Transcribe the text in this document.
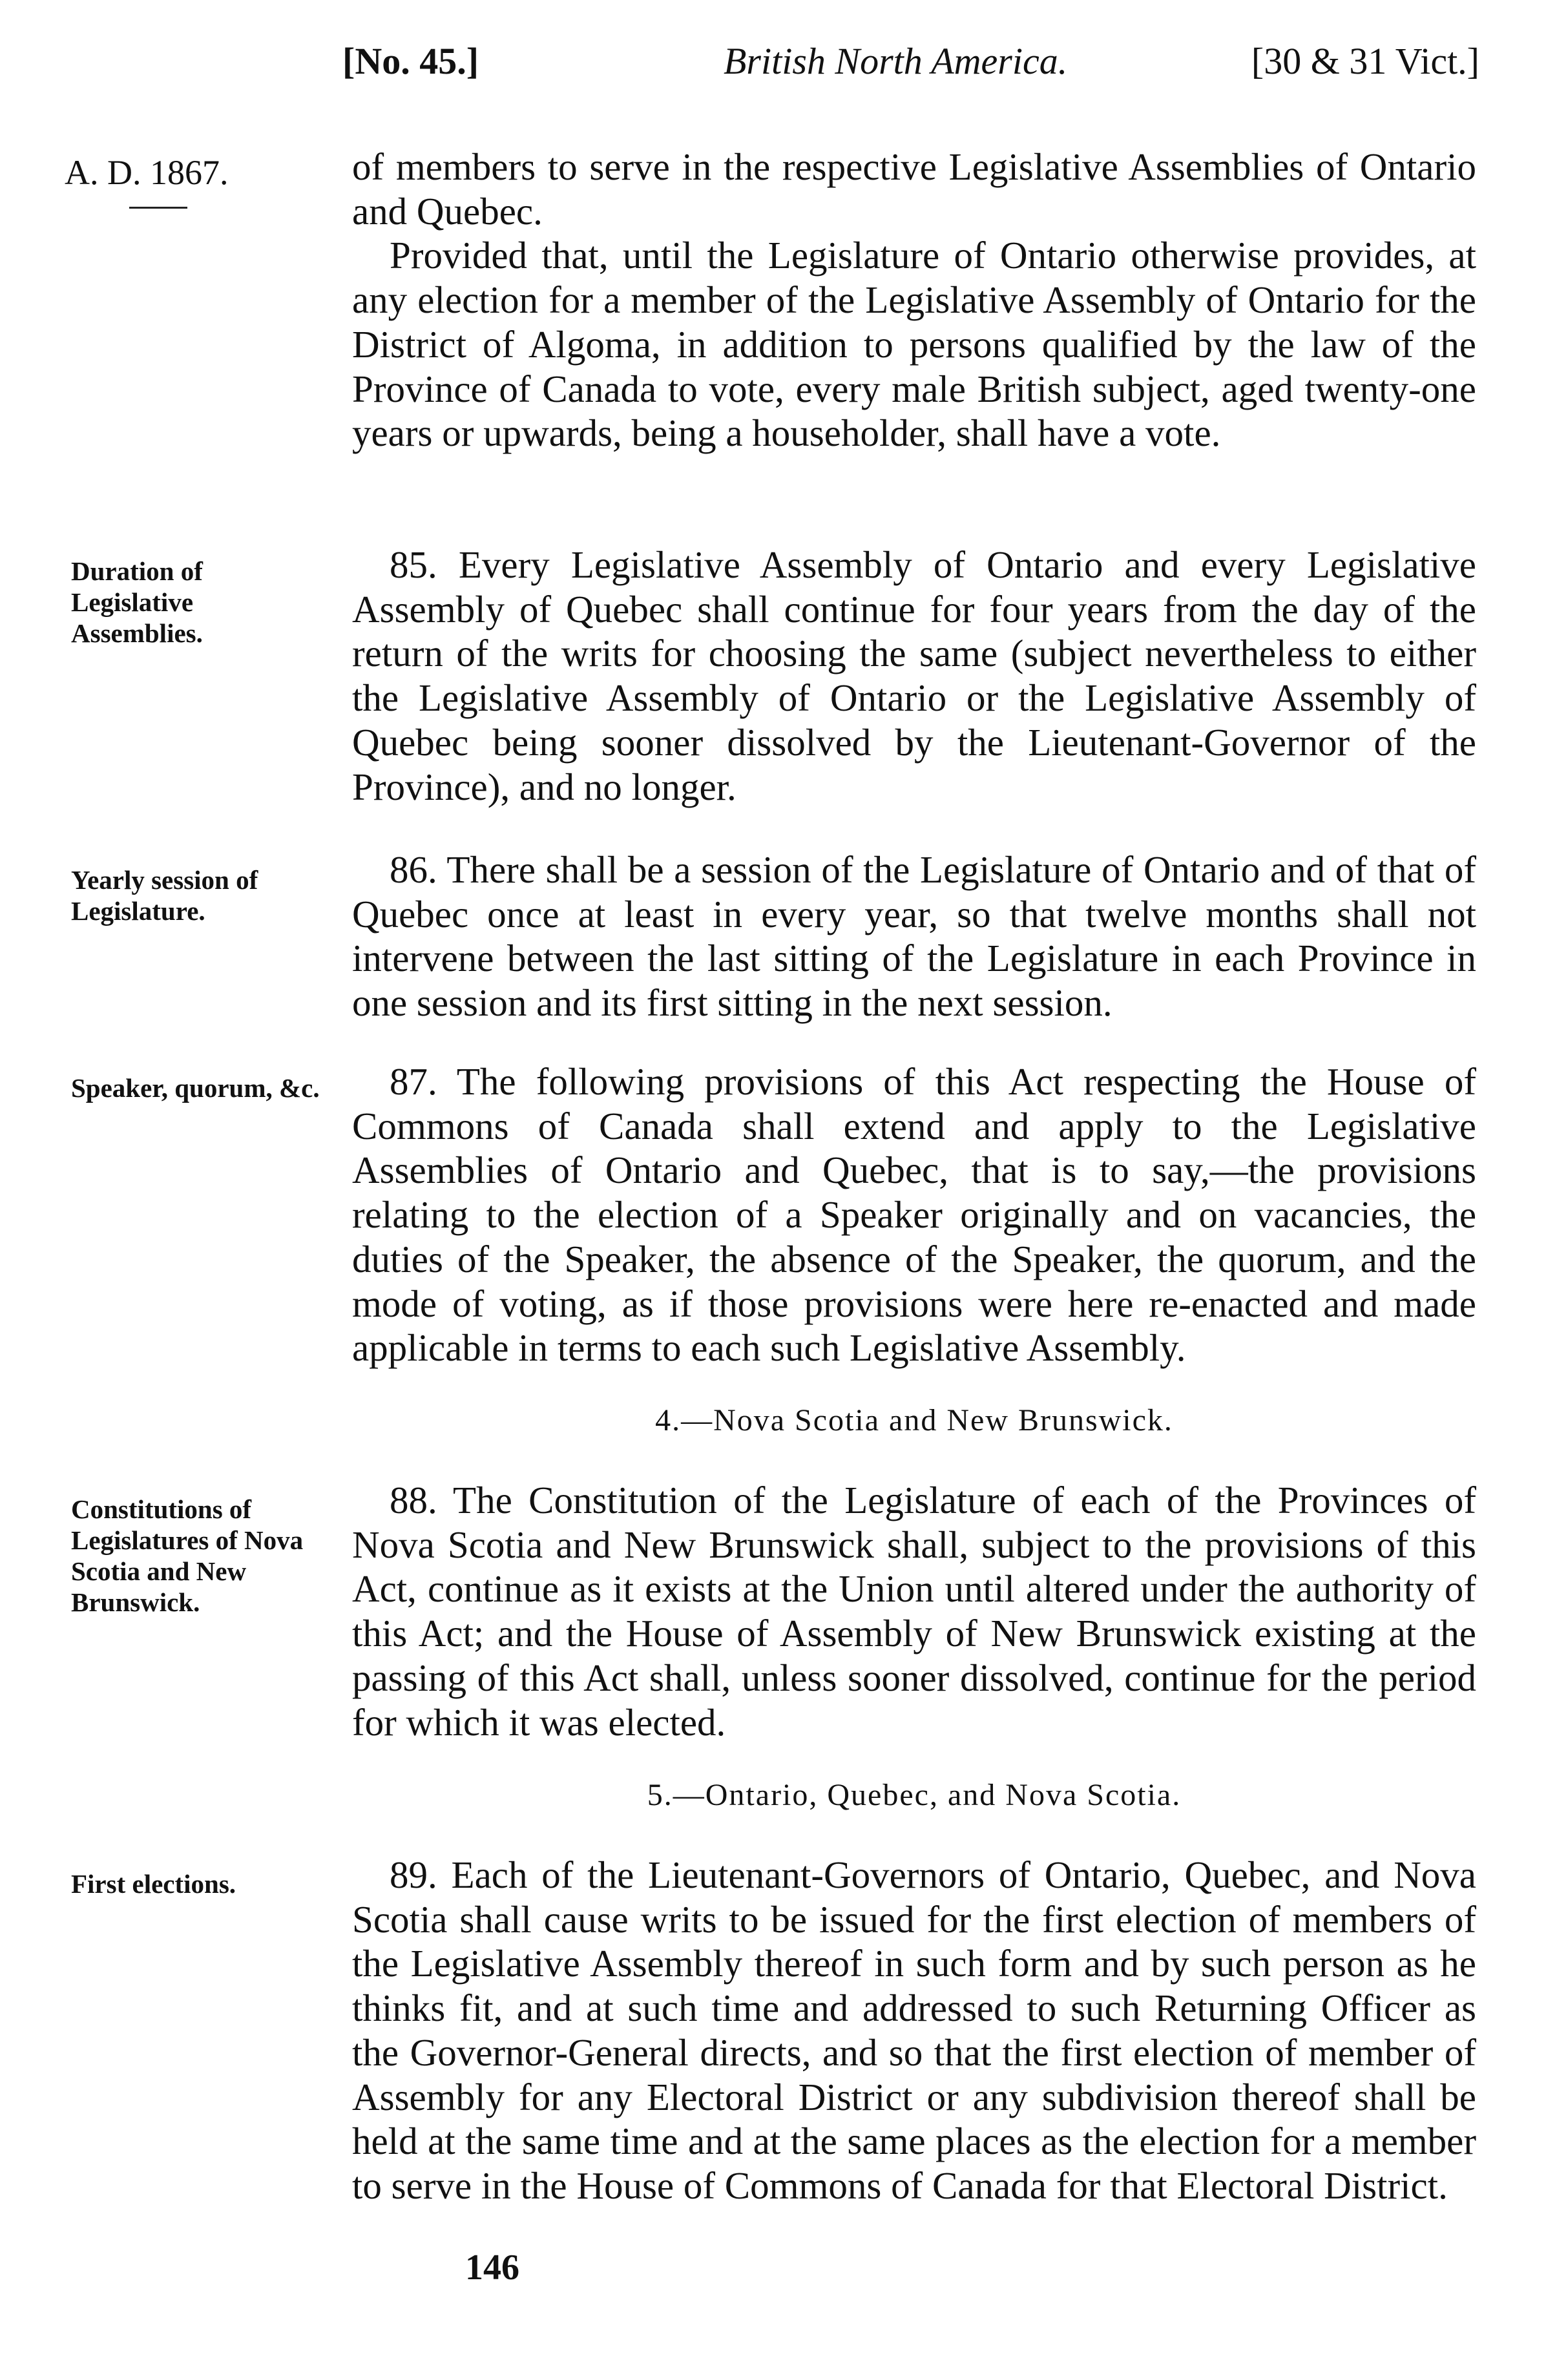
[No. 45.]	British North America.	[30 & 31 Vict.]
A. D. 1867.
Duration of Legislative Assemblies.
Yearly session of Legislature.
Speaker, quorum, &c.
Constitutions of Legislatures of Nova Scotia and New Brunswick.
First elections.

of members to serve in the respective Legislative Assemblies of Ontario and Quebec.

Provided that, until the Legislature of Ontario otherwise provides, at any election for a member of the Legislative Assembly of Ontario for the District of Algoma, in addition to persons qualified by the law of the Province of Canada to vote, every male British subject, aged twenty-one years or upwards, being a householder, shall have a vote.

85. Every Legislative Assembly of Ontario and every Legislative Assembly of Quebec shall continue for four years from the day of the return of the writs for choosing the same (subject nevertheless to either the Legislative Assembly of Ontario or the Legislative Assembly of Quebec being sooner dissolved by the Lieutenant-Governor of the Province), and no longer.

86. There shall be a session of the Legislature of Ontario and of that of Quebec once at least in every year, so that twelve months shall not intervene between the last sitting of the Legislature in each Province in one session and its first sitting in the next session.

87. The following provisions of this Act respecting the House of Commons of Canada shall extend and apply to the Legislative Assemblies of Ontario and Quebec, that is to say,—the provisions relating to the election of a Speaker originally and on vacancies, the duties of the Speaker, the absence of the Speaker, the quorum, and the mode of voting, as if those provisions were here re-enacted and made applicable in terms to each such Legislative Assembly.

4.—Nova Scotia and New Brunswick.

88. The Constitution of the Legislature of each of the Provinces of Nova Scotia and New Brunswick shall, subject to the provisions of this Act, continue as it exists at the Union until altered under the authority of this Act; and the House of Assembly of New Brunswick existing at the passing of this Act shall, unless sooner dissolved, continue for the period for which it was elected.

5.—Ontario, Quebec, and Nova Scotia.

89. Each of the Lieutenant-Governors of Ontario, Quebec, and Nova Scotia shall cause writs to be issued for the first election of members of the Legislative Assembly thereof in such form and by such person as he thinks fit, and at such time and addressed to such Returning Officer as the Governor-General directs, and so that the first election of member of Assembly for any Electoral District or any subdivision thereof shall be held at the same time and at the same places as the election for a member to serve in the House of Commons of Canada for that Electoral District.

146
